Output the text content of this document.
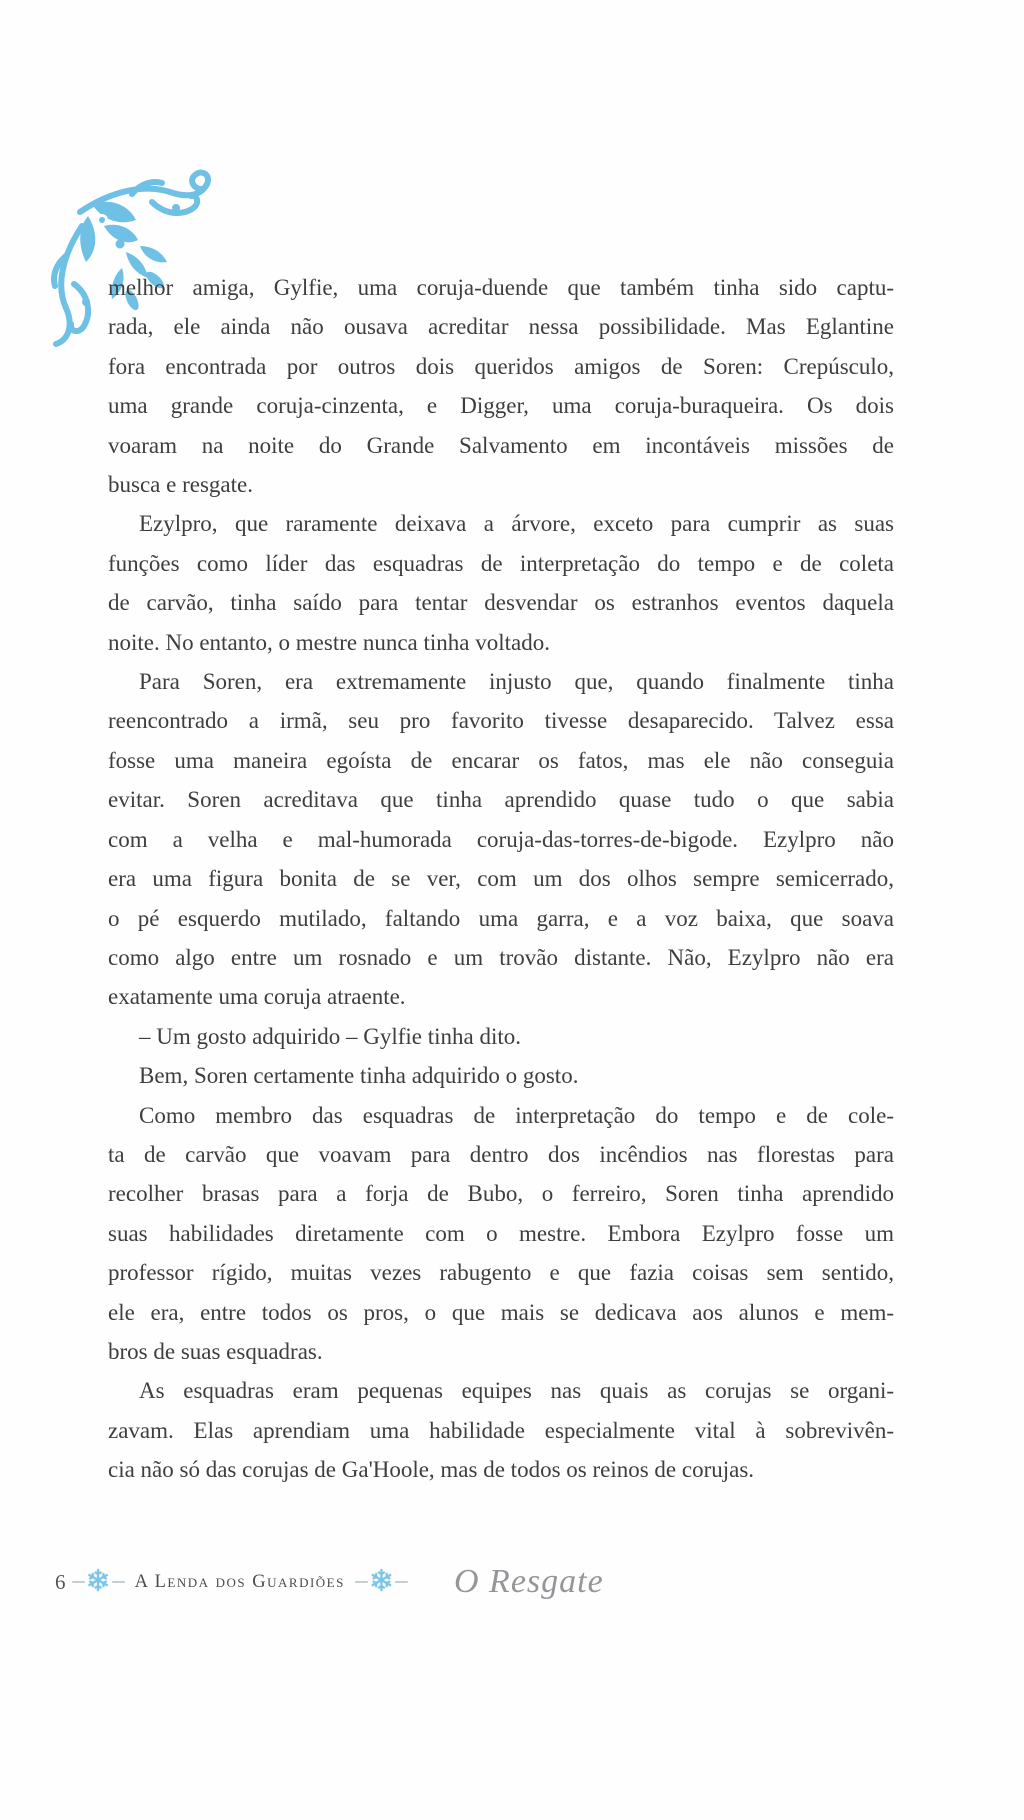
melhor amiga, Gylfie, uma coruja-duende que também tinha sido captu-
rada, ele ainda não ousava acreditar nessa possibilidade. Mas Eglantine
fora encontrada por outros dois queridos amigos de Soren: Crepúsculo,
uma grande coruja-cinzenta, e Digger, uma coruja-buraqueira. Os dois
voaram na noite do Grande Salvamento em incontáveis missões de
busca e resgate.
Ezylpro, que raramente deixava a árvore, exceto para cumprir as suas
funções como líder das esquadras de interpretação do tempo e de coleta
de carvão, tinha saído para tentar desvendar os estranhos eventos daquela
noite. No entanto, o mestre nunca tinha voltado.
Para Soren, era extremamente injusto que, quando finalmente tinha
reencontrado a irmã, seu pro favorito tivesse desaparecido. Talvez essa
fosse uma maneira egoísta de encarar os fatos, mas ele não conseguia
evitar. Soren acreditava que tinha aprendido quase tudo o que sabia
com a velha e mal-humorada coruja-das-torres-de-bigode. Ezylpro não
era uma figura bonita de se ver, com um dos olhos sempre semicerrado,
o pé esquerdo mutilado, faltando uma garra, e a voz baixa, que soava
como algo entre um rosnado e um trovão distante. Não, Ezylpro não era
exatamente uma coruja atraente.
– Um gosto adquirido – Gylfie tinha dito.
Bem, Soren certamente tinha adquirido o gosto.
Como membro das esquadras de interpretação do tempo e de cole-
ta de carvão que voavam para dentro dos incêndios nas florestas para
recolher brasas para a forja de Bubo, o ferreiro, Soren tinha aprendido
suas habilidades diretamente com o mestre. Embora Ezylpro fosse um
professor rígido, muitas vezes rabugento e que fazia coisas sem sentido,
ele era, entre todos os pros, o que mais se dedicava aos alunos e mem-
bros de suas esquadras.
As esquadras eram pequenas equipes nas quais as corujas se organi-
zavam. Elas aprendiam uma habilidade especialmente vital à sobrevivên-
cia não só das corujas de Ga'Hoole, mas de todos os reinos de corujas.
6 ❄ A Lenda dos Guardiões ❄ O Resgate
